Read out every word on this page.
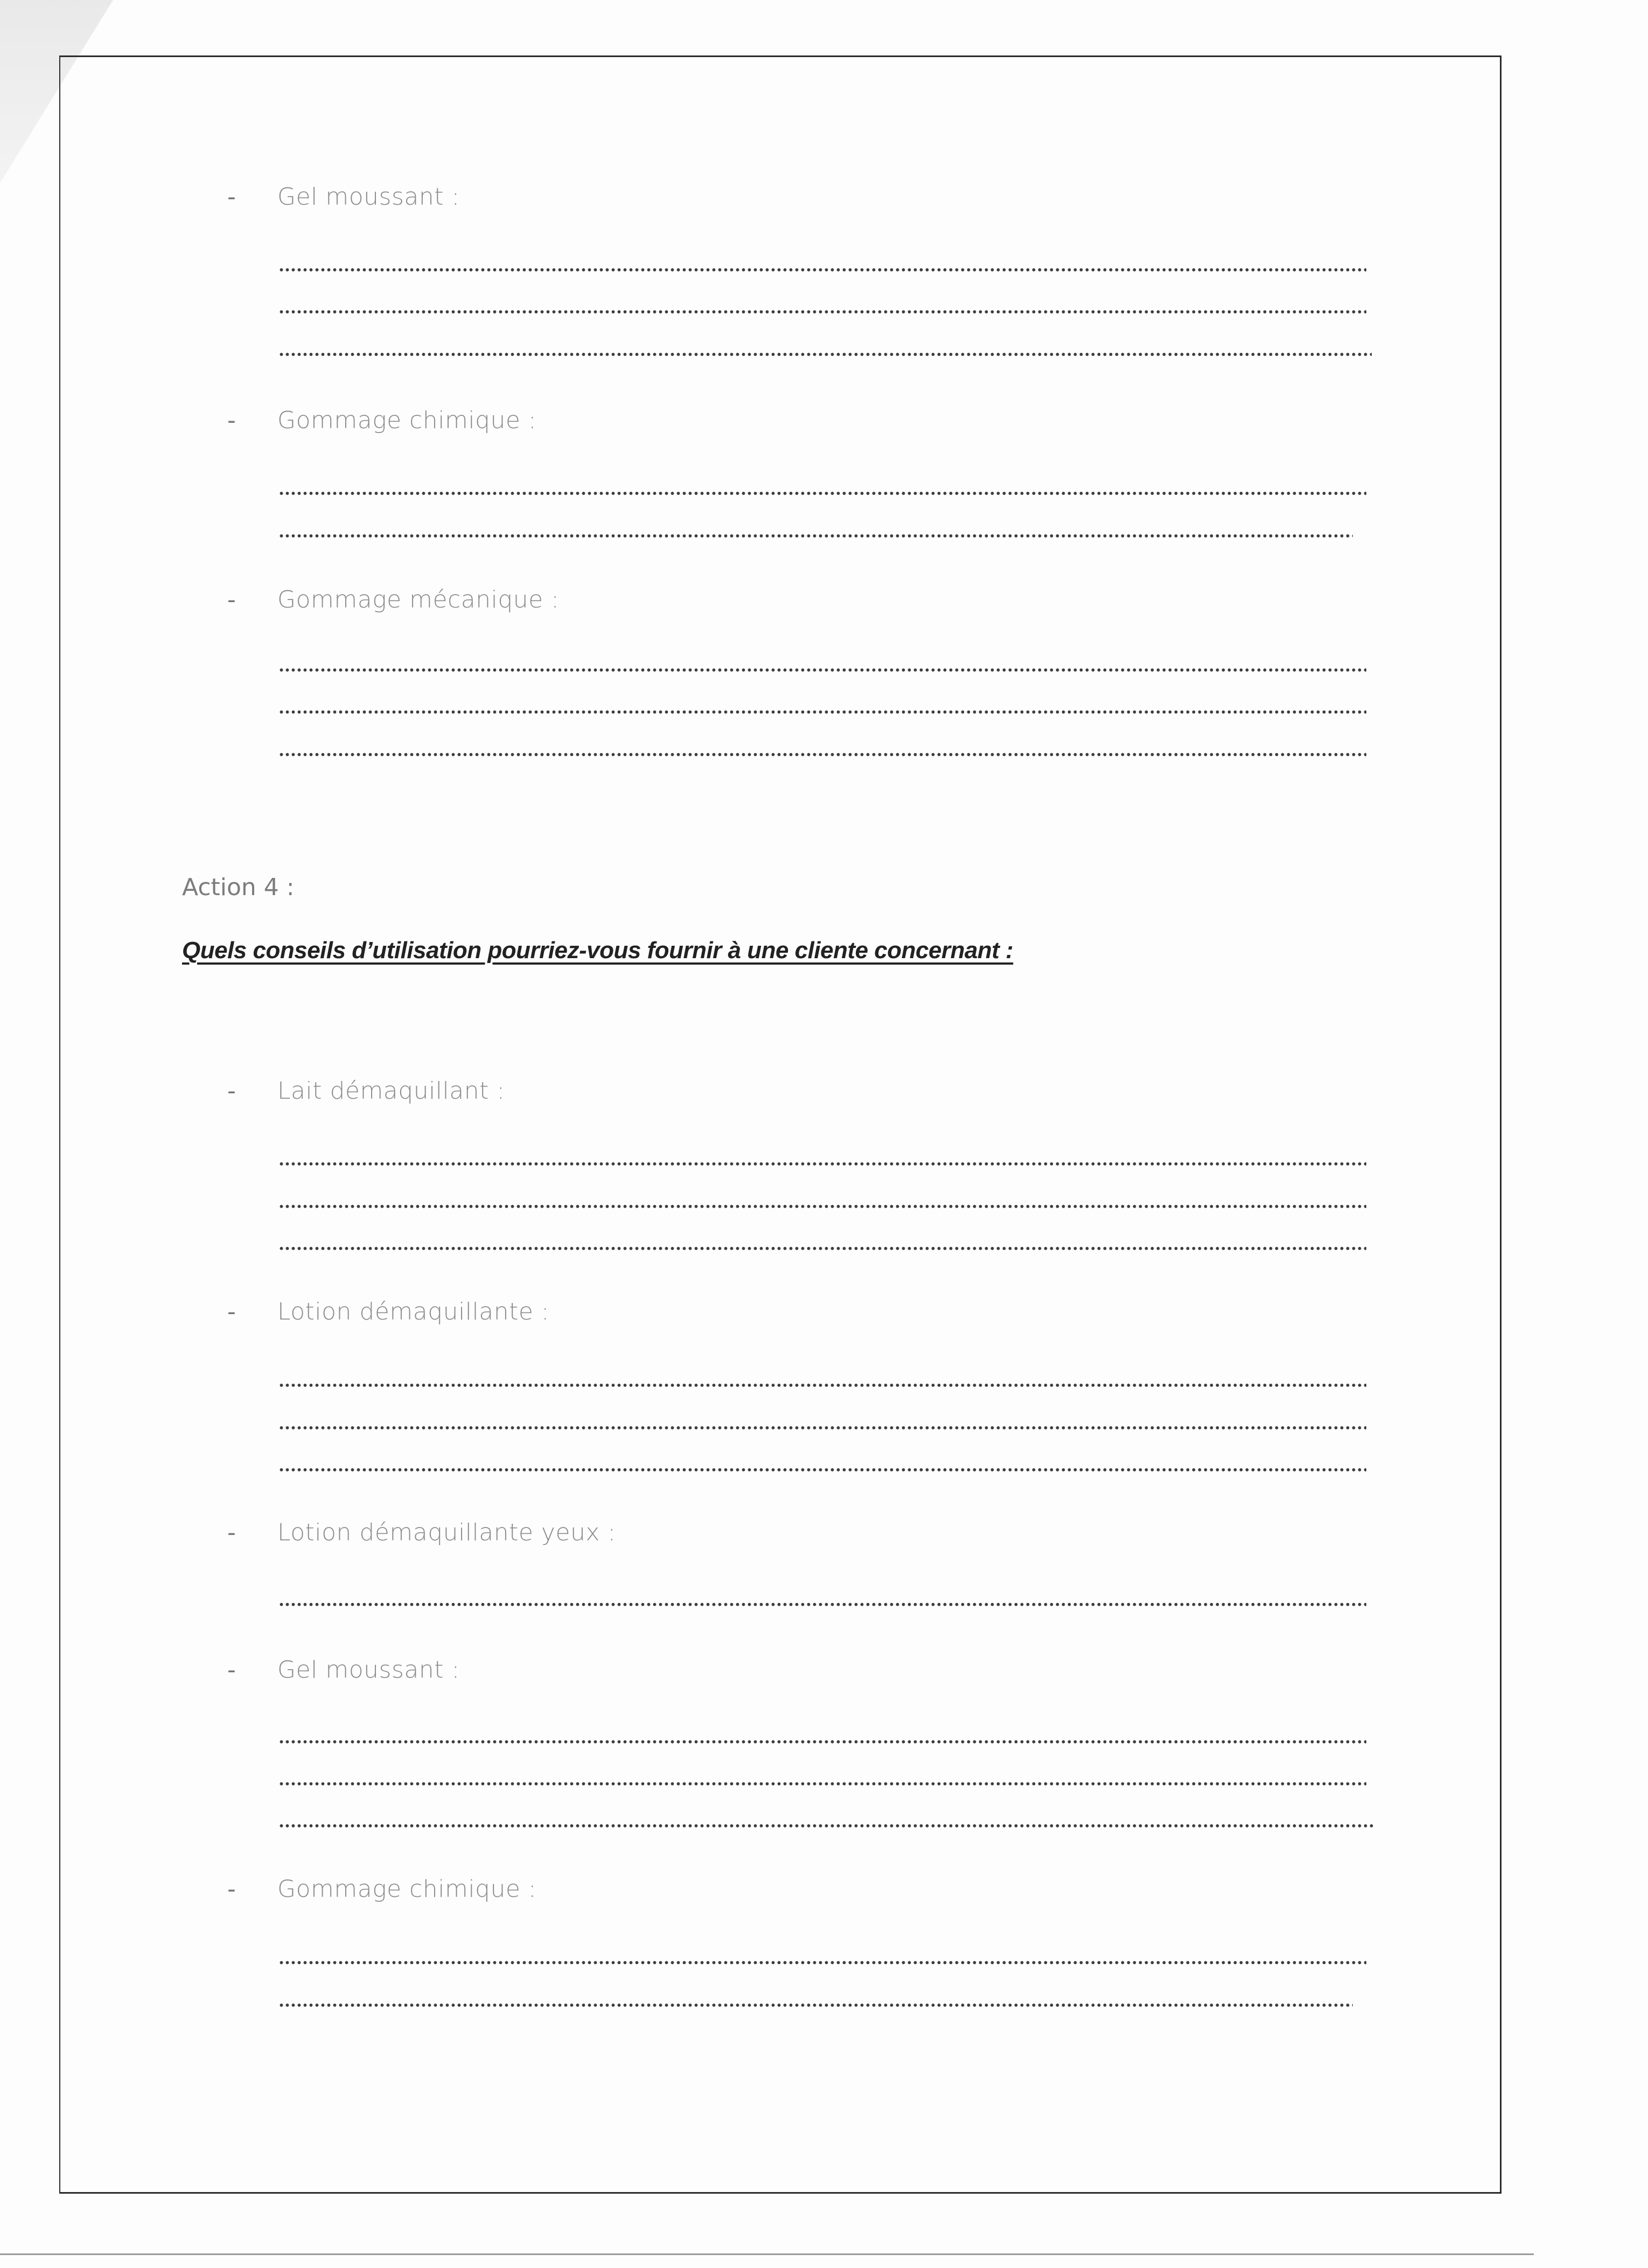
- Gel moussant :
- Gommage chimique :
- Gommage mécanique :
Action 4 :
Quels conseils d’utilisation pourriez-vous fournir à une cliente concernant :
- Lait démaquillant :
- Lotion démaquillante :
- Lotion démaquillante yeux :
- Gel moussant :
- Gommage chimique :
